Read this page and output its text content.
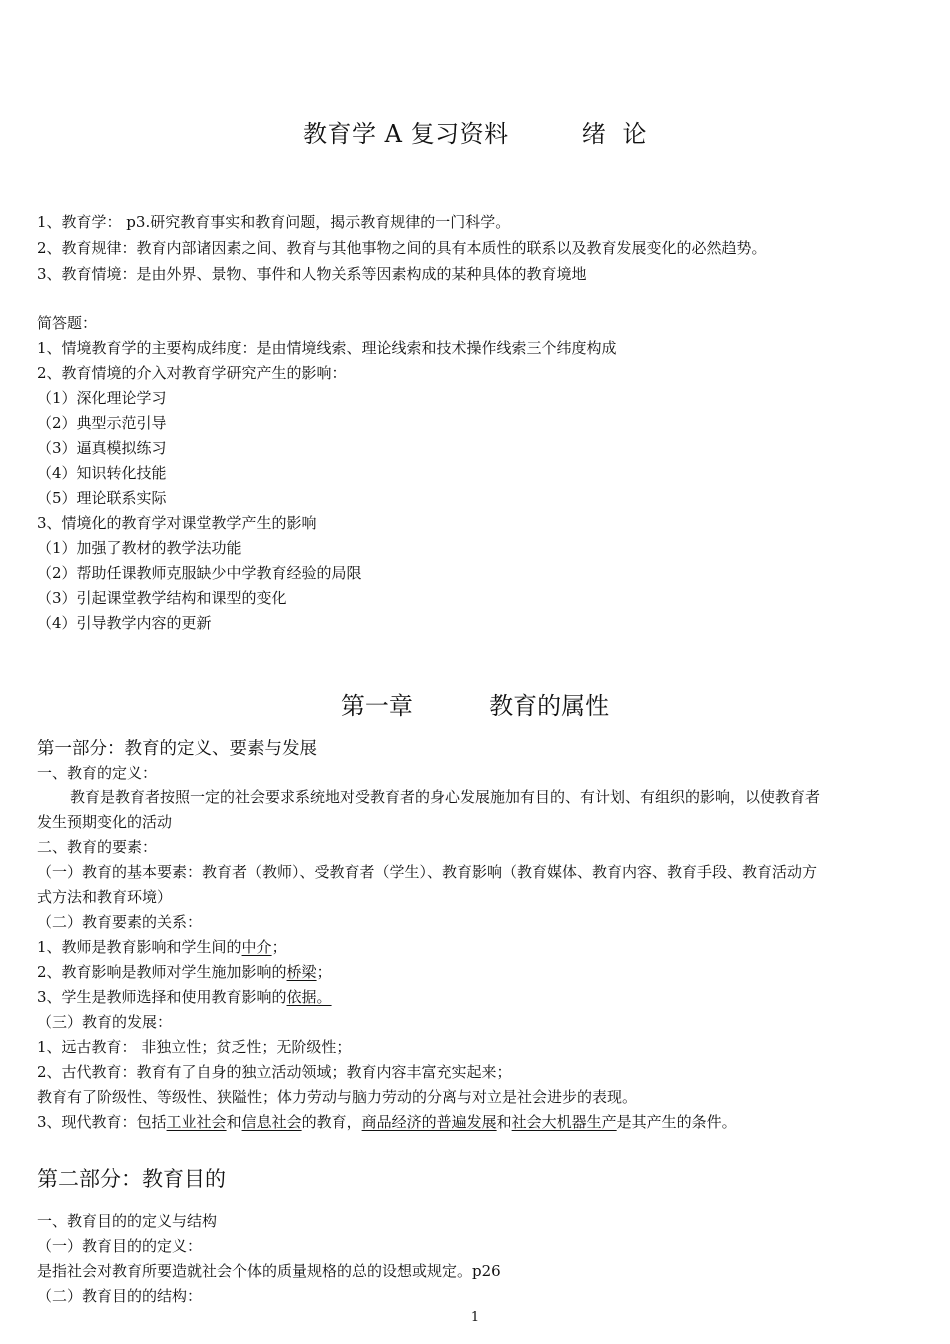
教育学 A 复习资料         绪  论
1、教育学： p3.研究教育事实和教育问题，揭示教育规律的一门科学。
2、教育规律：教育内部诸因素之间、教育与其他事物之间的具有本质性的联系以及教育发展变化的必然趋势。
3、教育情境：是由外界、景物、事件和人物关系等因素构成的某种具体的教育境地
简答题：
1、情境教育学的主要构成纬度：是由情境线索、理论线索和技术操作线索三个纬度构成
2、教育情境的介入对教育学研究产生的影响：
（1）深化理论学习
（2）典型示范引导
（3）逼真模拟练习
（4）知识转化技能
（5）理论联系实际
3、情境化的教育学对课堂教学产生的影响
（1）加强了教材的教学法功能
（2）帮助任课教师克服缺少中学教育经验的局限
（3）引起课堂教学结构和课型的变化
（4）引导教学内容的更新
第一章          教育的属性
第一部分：教育的定义、要素与发展
一、教育的定义：
教育是教育者按照一定的社会要求系统地对受教育者的身心发展施加有目的、有计划、有组织的影响，以使教育者
发生预期变化的活动
二、教育的要素：
（一）教育的基本要素：教育者（教师）、受教育者（学生）、教育影响（教育媒体、教育内容、教育手段、教育活动方
式方法和教育环境）
（二）教育要素的关系：
1、教师是教育影响和学生间的中介；
2、教育影响是教师对学生施加影响的桥梁；
3、学生是教师选择和使用教育影响的依据。
（三）教育的发展：
1、远古教育： 非独立性；贫乏性；无阶级性；
2、古代教育：教育有了自身的独立活动领域；教育内容丰富充实起来；
教育有了阶级性、等级性、狭隘性；体力劳动与脑力劳动的分离与对立是社会进步的表现。
3、现代教育：包括工业社会和信息社会的教育，商品经济的普遍发展和社会大机器生产是其产生的条件。
第二部分：教育目的
一、教育目的的定义与结构
（一）教育目的的定义：
是指社会对教育所要造就社会个体的质量规格的总的设想或规定。p26
（二）教育目的的结构：
1
